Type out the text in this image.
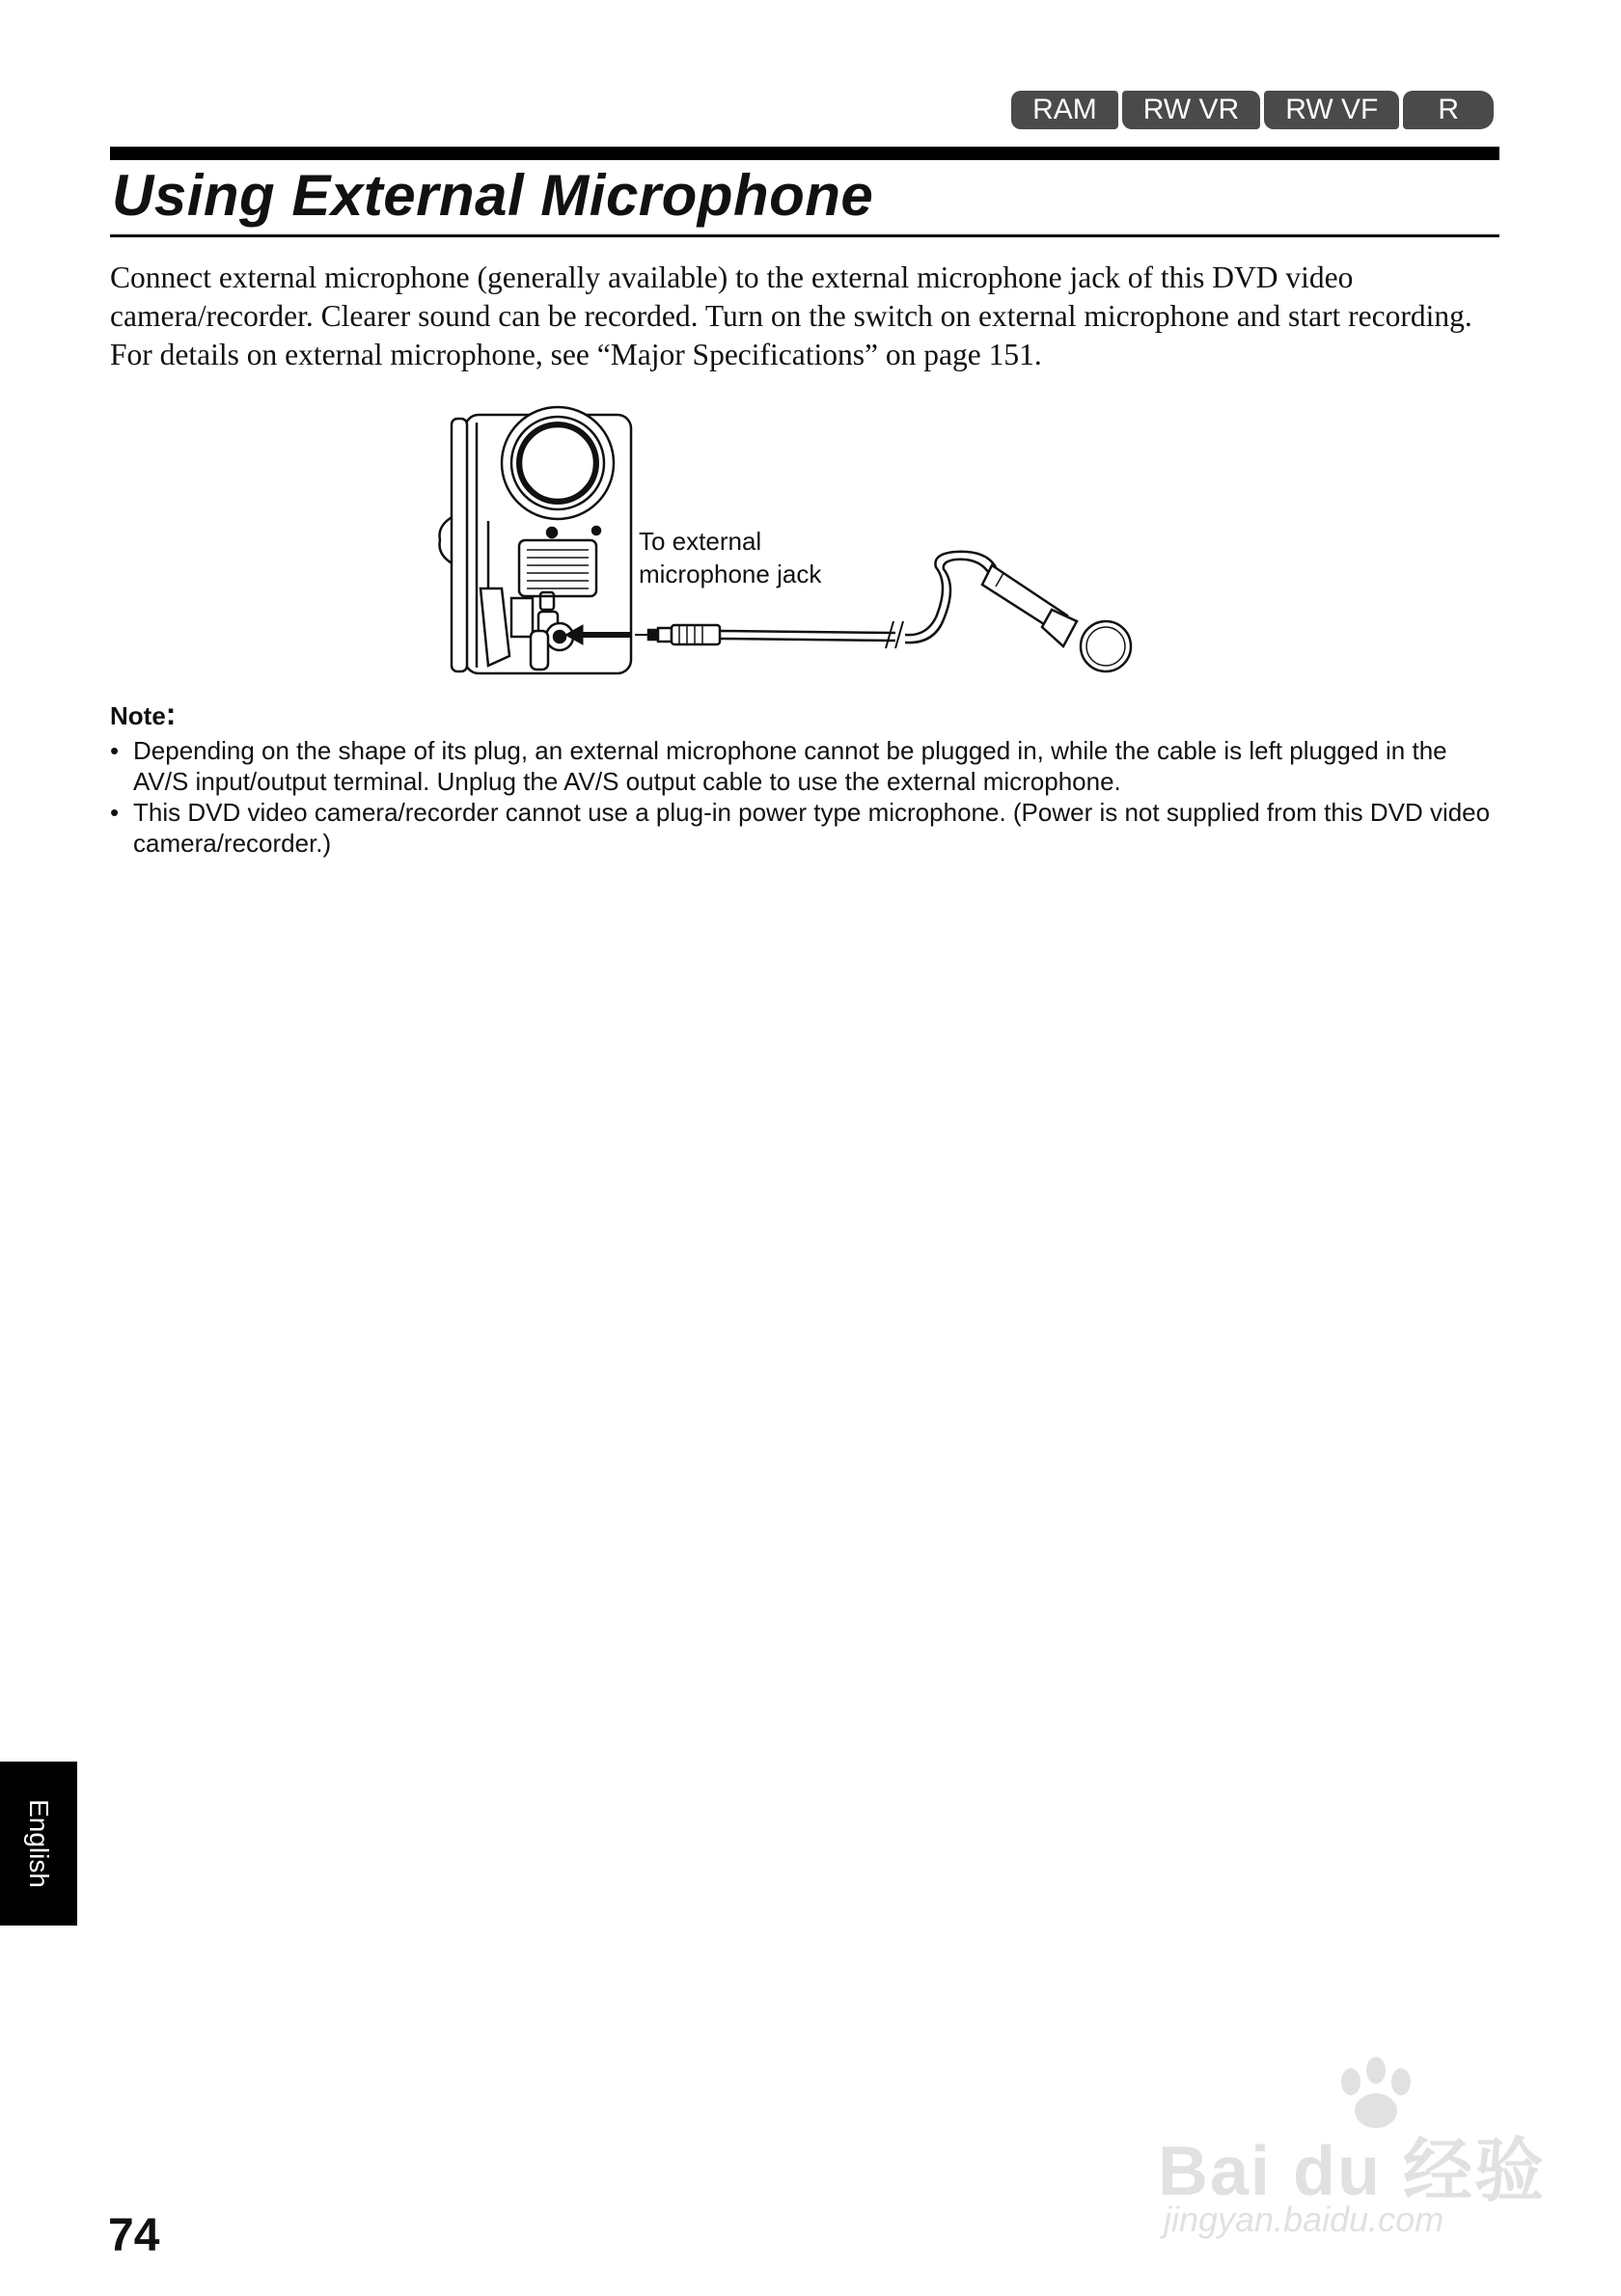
RAM	RW VR	RW VF	R
Using External Microphone

Connect external microphone (generally available) to the external microphone jack of this DVD video camera/recorder. Clearer sound can be recorded. Turn on the switch on external microphone and start recording. For details on external microphone, see “Major Specifications” on page 151.

To external
microphone jack

Note:

• Depending on the shape of its plug, an external microphone cannot be plugged in, while the cable is left plugged in the AV/S input/output terminal. Unplug the AV/S output cable to use the external microphone.
• This DVD video camera/recorder cannot use a plug-in power type microphone. (Power is not supplied from this DVD video camera/recorder.)
English
74
Bai du 经验
jingyan.baidu.com
